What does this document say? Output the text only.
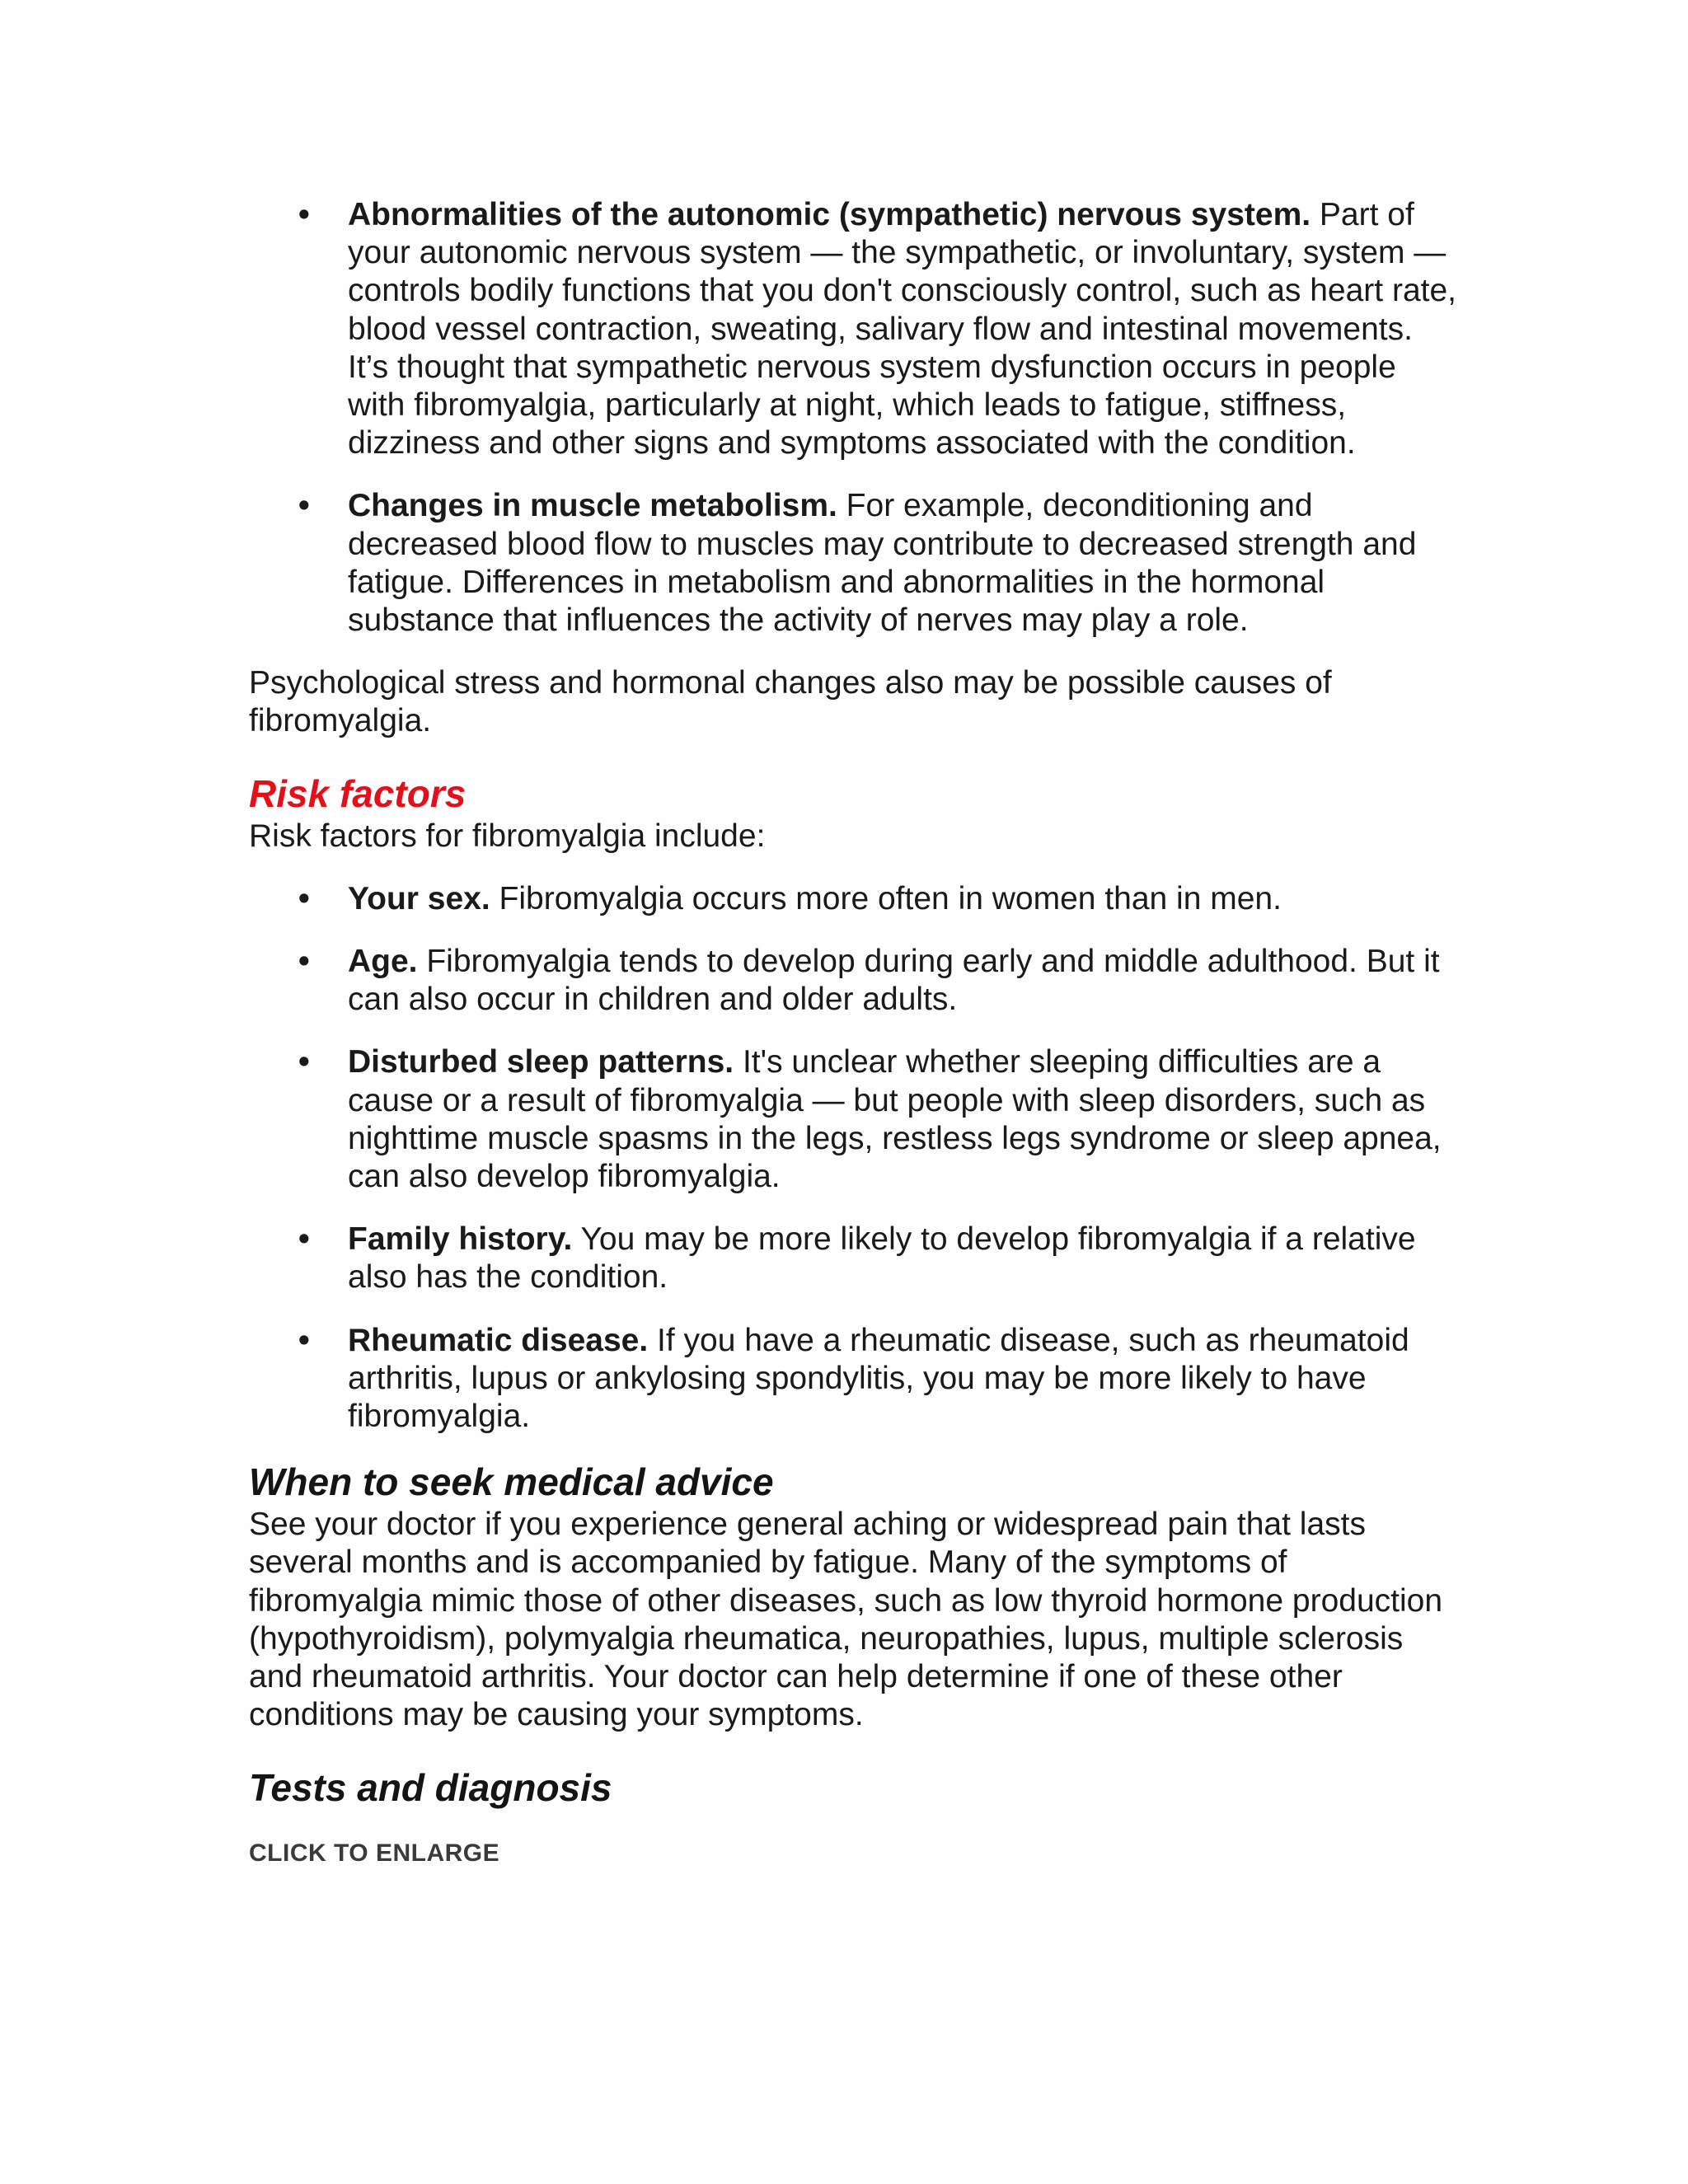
• Abnormalities of the autonomic (sympathetic) nervous system. Part of your autonomic nervous system — the sympathetic, or involuntary, system — controls bodily functions that you don't consciously control, such as heart rate, blood vessel contraction, sweating, salivary flow and intestinal movements. It’s thought that sympathetic nervous system dysfunction occurs in people with fibromyalgia, particularly at night, which leads to fatigue, stiffness, dizziness and other signs and symptoms associated with the condition.
• Changes in muscle metabolism. For example, deconditioning and decreased blood flow to muscles may contribute to decreased strength and fatigue. Differences in metabolism and abnormalities in the hormonal substance that influences the activity of nerves may play a role.

Psychological stress and hormonal changes also may be possible causes of fibromyalgia.

Risk factors

Risk factors for fibromyalgia include:

• Your sex. Fibromyalgia occurs more often in women than in men.
• Age. Fibromyalgia tends to develop during early and middle adulthood. But it can also occur in children and older adults.
• Disturbed sleep patterns. It's unclear whether sleeping difficulties are a cause or a result of fibromyalgia — but people with sleep disorders, such as nighttime muscle spasms in the legs, restless legs syndrome or sleep apnea, can also develop fibromyalgia.
• Family history. You may be more likely to develop fibromyalgia if a relative also has the condition.
• Rheumatic disease. If you have a rheumatic disease, such as rheumatoid arthritis, lupus or ankylosing spondylitis, you may be more likely to have fibromyalgia.
When to seek medical advice

See your doctor if you experience general aching or widespread pain that lasts several months and is accompanied by fatigue. Many of the symptoms of fibromyalgia mimic those of other diseases, such as low thyroid hormone production (hypothyroidism), polymyalgia rheumatica, neuropathies, lupus, multiple sclerosis and rheumatoid arthritis. Your doctor can help determine if one of these other conditions may be causing your symptoms.

Tests and diagnosis
CLICK TO ENLARGE
